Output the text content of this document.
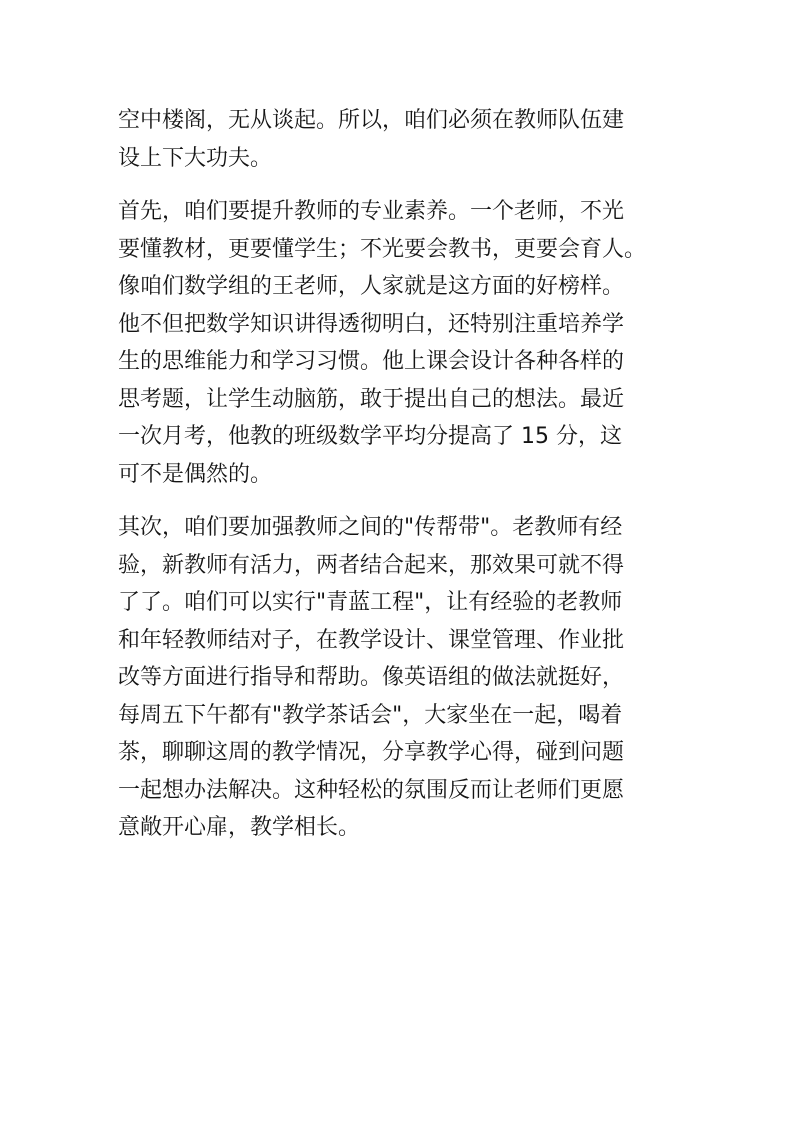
空中楼阁，无从谈起。所以，咱们必须在教师队伍建
设上下大功夫。

首先，咱们要提升教师的专业素养。一个老师，不光
要懂教材，更要懂学生；不光要会教书，更要会育人。
像咱们数学组的王老师，人家就是这方面的好榜样。
他不但把数学知识讲得透彻明白，还特别注重培养学
生的思维能力和学习习惯。他上课会设计各种各样的
思考题，让学生动脑筋，敢于提出自己的想法。最近
一次月考，他教的班级数学平均分提高了 15 分，这
可不是偶然的。

其次，咱们要加强教师之间的"传帮带"。老教师有经
验，新教师有活力，两者结合起来，那效果可就不得
了了。咱们可以实行"青蓝工程"，让有经验的老教师
和年轻教师结对子，在教学设计、课堂管理、作业批
改等方面进行指导和帮助。像英语组的做法就挺好，
每周五下午都有"教学茶话会"，大家坐在一起，喝着
茶，聊聊这周的教学情况，分享教学心得，碰到问题
一起想办法解决。这种轻松的氛围反而让老师们更愿
意敞开心扉，教学相长。
